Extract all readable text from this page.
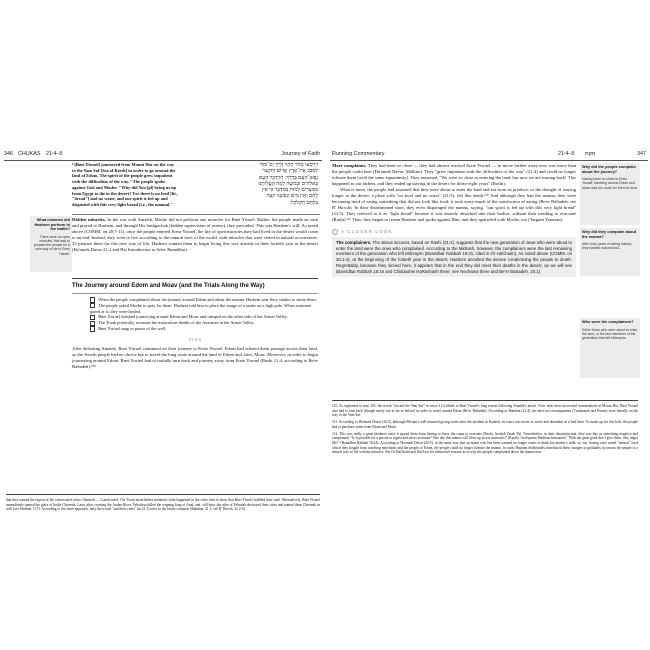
346 CHUKAS 21:4–5	Journey of Faith

⁴ [Bnei Yisrael] journeyed from Mount Hor on the way to the Yam Suf [Sea of Reeds] in order to go around the land of Edom. The spirit of the people grew impatient with the difficulties of the way. ⁵ The people spoke against God and Moshe: "Why did You [pl] bring us up from Egypt to die in the desert? For there is no food [lit., "bread"] and no water, and our spirit is fed up and disgusted with this very light bread [i.e., the manna]."

דוַיִּסְעוּ מֵהֹר הָהָר דֶּרֶךְ יַם־סוּף
לִסְבֹב אֶת־אֶרֶץ אֱדוֹם וַתִּקְצַר
נֶפֶשׁ־הָעָם בַּדָּרֶךְ: הוַיְדַבֵּר הָעָם
בֵּאלֹהִים וּבְמֹשֶׁה לָמָה הֶעֱלִיתֻנוּ
מִמִּצְרַיִם לָמוּת בַּמִּדְבָּר כִּי אֵין
לֶחֶם וְאֵין מַיִם וְנַפְשֵׁנוּ קָצָה
בַּלֶּחֶם הַקְּלֹקֵל:
What miracles did Hashem perform in the battle?
There were no open miracles; this was to prepare the people for a new way of life in Eretz Yisrael.

Hidden miracles. In the war with Amalek, Moshe did not perform any miracles for Bnei Yisrael. Rather, the people made an oath and prayed to Hashem, and through His hashgachah (hidden supervision of events), they prevailed. This was Hashem's will. As noted above (COMM. on 20:7-11), once the people entered Eretz Yisrael, the life of open miracles they had lived in the desert would come to an end. Instead, they were to live according to the natural laws of the world, with miracles that were veiled in natural occurrences. To prepare them for this new way of life, Hashem wanted them to begin living this way already in their fortieth year in the desert (Ha'amek Davar 21:2 and His Introduction to Sefer Bamidbar).

The Journey around Edom and Moav (and the Trials Along the Way)

When the people complained about the journey around Edom and about the manna, Hashem sent fiery snakes to smite them.

The people asked Moshe to pray for them. Hashem told him to place the image of a snake on a high pole. When someone gazed at it, they were healed.

Bnei Yisrael finished journeying around Edom and Moav and camped on the other side of the Arnon Valley.

The Torah poetically recounts the miraculous deaths of the Amorites in the Arnon Valley.

Bnei Yisrael sang in praise of the well.

21:4-5

After defeating Amalek, Bnei Yisrael continued on their journey to Eretz Yisrael. Edom had refused them passage across their land, so the Jewish people had no choice but to travel the long route around the land of Edom and, later, Moav. Moreover, in order to begin journeying around Edom, Bnei Yisrael had to initially turn back and journey away from Eretz Yisrael (Rashi 21:4, according to Be'er BaSadeh).¹⁰⁸

that they named the region of the consecrated cities Chermah — Consecrated. The Torah nevertheless mentions what happened to the cities here to show that Bnei Yisrael fulfilled their oath. Alternatively, Bnei Yisrael immediately named the place of battle Chermah. Later, after crossing the Jordan River, Yehoshua killed the reigning king of Arad, and, still later, the tribe of Yehudah destroyed their cities and named them Chermah as well (see Shoftim 1:17). According to the latter approach, only the words "and their cities" (in 21:3) refer to the future conquest (Ramban, 21:1; see R' Hirsch, 21:2-3).

Running Commentary	21:4–5 חקת	347

More complaints. They had been so close — they had almost reached Eretz Yisrael — to move further away now was more than the people could bear (Ha'amek Davar; Malbim). They "grew impatient with the difficulties of the way" (21:4) and could no longer tolerate them [with the same equanimity]. They reasoned, "We were so close to entering the land, but now we are turning back! This happened to our fathers, and they ended up staying in the desert for thirty-eight years" (Rashi).

What is more, the people had assumed that they were about to enter the land and eat from its produce, so the thought of staying longer in the desert, a place with "no food and no water" (21:5), felt like death.¹¹⁰ And although they had the manna, they were becoming tired of eating something that did not look like food; it took away much of the satisfaction of eating (Be'er BaSadeh; see R' Hirsch). In their disheartened state, they even disparaged the manna, saying, "our spirit is fed up with this very light bread" (21:5). They referred to it as "light bread" because it was entirely absorbed into their bodies, without their needing to evacuate (Rashi).¹¹¹ Thus, they began to resent Hashem and spoke against Him, and they quarreled with Moshe, too (Targum Yonasan).

A CLOSER LOOK

The complainers. The above account, based on Rashi (21:4), suggests that the new generation of Jews who were about to enter the land were the ones who complained. According to the Midrash, however, the complainers were the last remaining members of the generation who left Mitzrayim (Bamidbar Rabbah 19:21; cited in Or HaChaim). As noted above (COMM. on 20:1-4), at the beginning of the fortieth year in the desert, Hashem annulled the decree condemning the people to death. Regrettably, because they sinned here, it appears that in the end they did meet their deaths in the desert, as we will see (Bamidbar Rabbah 19:16 and Chiddushei HaRashash there; see Nechama there and Be'er BaSadeh, 20:1).

Why did the people complain about the journey?
Having been so close to Eretz Yisrael, traveling around Edom and Moav was too much for them to bear.
Why did they complain about the manna?
After forty years of eating manna, they wanted natural food.
Who were the complainers?
Either those who were about to enter the land, or the last members of the generation that left Mitzrayim.

110. As explained in note 102, the words "toward the Yam Suf" in verse 21:4 allude to Bnei Yisrael's long retreat following Amalek's attack. Now, after their successful counterattack at Mount Hor, Bnei Yisrael also had to turn back [though surely not as far as before] in order to travel around Edom (Be'er BaSadeh). According to Ramban (21:4), the next two encampments (Tzalmonah and Punon) were literally on the way to the Yam Suf.

111. According to Ha'amek Davar (20:5), although Miriam's well resumed giving water after the incident in Kadesh, its water was never as sweet and abundant as it had been. To make up for this lack, the people had to purchase water from Edom and Moav.

112. This was really a great kindness since it spared them from having to leave the camp to evacuate (Rashi, Avodah Zarah 5b). Nevertheless, in their dissatisfaction, they saw this as something negative and complained, "Is it possible for a person to ingest and never evacuate? One day this manna will blow up in our stomachs!" (Rashi). In response Hashem bemoaned, "With the great good that I give them, they anger Me!" (Bamidbar Rabbah 16:24). According to Ha'amek Davar (20:5), in the same way that an infant who has been weaned no longer wants to drink his mother's milk, so, too, having once tasted "natural" food which they bought from traveling merchants and the people of Edom, the people could no longer tolerate the manna. In truth, Hashem deliberately introduced these changes to gradually accustom the people to a natural way of life without miracles. See Or HaChaim and Ibn Ezra for alternative reasons as to why the people complained about the manna now.
